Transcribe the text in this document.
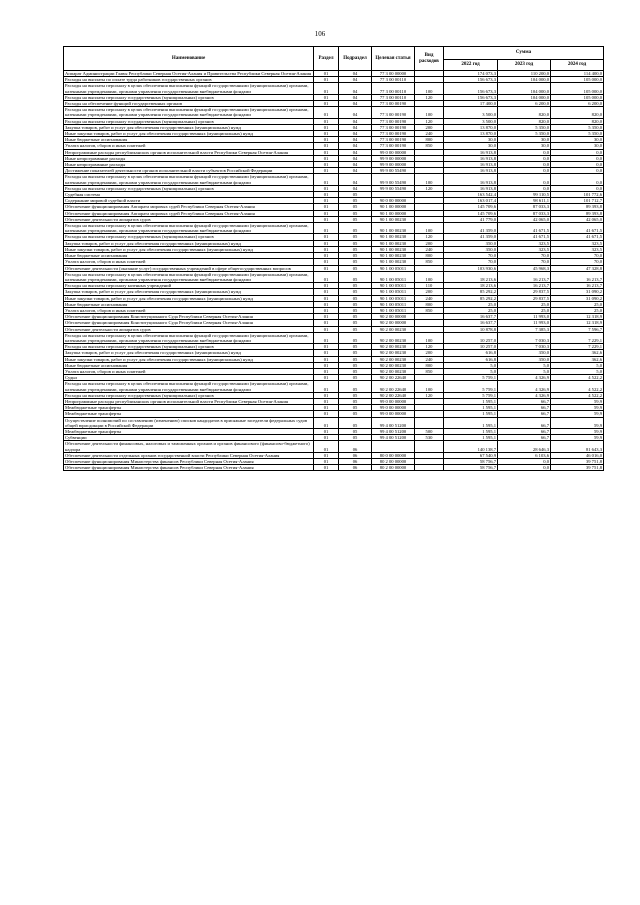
106
Наименование	Раздел	Подраздел	Целевая статья	Вид расходов	Сумма		
					2022 год	2023 год	2024 год
Аппарат Администрации Главы Республики Северная Осетия-Алания и Правительства Республики Северная Осетия-Алания	01	04	77 3 00 00000		174 073,3	110 200,0	114 400,0
Расходы на выплаты по оплате труда работников государственных органов	01	04	77 3 00 00110		156 673,3	104 000,0	105 000,0
Расходы на выплаты персоналу в целях обеспечения выполнения функций государственными (муниципальными) органами, казенными учреждениями, органами управления государственными внебюджетными фондами	01	04	77 3 00 00110	100	156 673,3	104 000,0	105 000,0
Расходы на выплаты персоналу государственных (муниципальных) органов	01	04	77 3 00 00110	120	156 673,3	104 000,0	105 000,0
Расходы на обеспечение функций государственных органов	01	04	77 3 00 00190		17 400,0	6 200,0	6 200,0
Расходы на выплаты персоналу в целях обеспечения выполнения функций государственными (муниципальными) органами, казенными учреждениями, органами управления государственными внебюджетными фондами	01	04	77 3 00 00190	100	3 500,0	820,0	820,0
Расходы на выплаты персоналу государственных (муниципальных) органов	01	04	77 3 00 00190	120	3 500,0	820,0	820,0
Закупка товаров, работ и услуг для обеспечения государственных (муниципальных) нужд	01	04	77 3 00 00190	200	13 870,0	5 350,0	5 350,0
Иные закупки товаров, работ и услуг для обеспечения государственных (муниципальных) нужд	01	04	77 3 00 00190	240	13 870,0	5 350,0	5 350,0
Иные бюджетные ассигнования	01	04	77 3 00 00190	800	30,0	30,0	30,0
Уплата налогов, сборов и иных платежей	01	04	77 3 00 00190	850	30,0	30,0	30,0
Непрограммные расходы республиканских органов исполнительной власти Республики Северная Осетия-Алания	01	04	99 0 00 00000		16 913,8	0,0	0,0
Иные непрограммные расходы	01	04	99 9 00 00000		16 913,8	0,0	0,0
Иные непрограммные расходы	01	04	99 9 00 00000		16 913,8	0,0	0,0
Достижение показателей деятельности органов исполнительной власти субъектов Российской Федерации	01	04	99 9 00 55490		16 913,8	0,0	0,0
Расходы на выплаты персоналу в целях обеспечения выполнения функций государственными (муниципальными) органами, казенными учреждениями, органами управления государственными внебюджетными фондами	01	04	99 9 00 55490	100	16 913,8	0,0	0,0
Расходы на выплаты персоналу государственных (муниципальных) органов	01	04	99 9 00 55490	120	16 913,8	0,0	0,0
Судебная система	01	05			163 542,4	99 110,5	101 772,6
Содержание мировой судебной власти	01	05	90 0 00 00000		163 017,4	98 611,1	101 712,7
Обеспечение функционирования Аппарата мировых судей Республики Северная Осетия-Алания	01	05	90 1 00 00000		145 709,6	87 033,3	89 393,8
Обеспечение функционирования Аппарата мировых судей Республики Северная Осетия-Алания	01	05	90 1 00 00000		145 709,6	87 033,3	89 393,8
Обеспечение деятельности аппаратов судов	01	05	90 1 00 00230		41 779,0	42 065,0	42 065,0
Расходы на выплаты персоналу в целях обеспечения выполнения функций государственными (муниципальными) органами, казенными учреждениями, органами управления государственными внебюджетными фондами	01	05	90 1 00 00230	100	41 359,0	41 671,5	41 671,5
Расходы на выплаты персоналу государственных (муниципальных) органов	01	05	90 1 00 00230	120	41 359,0	41 671,5	41 671,5
Закупка товаров, работ и услуг для обеспечения государственных (муниципальных) нужд	01	05	90 1 00 00230	200	350,0	323,5	323,5
Иные закупки товаров, работ и услуг для обеспечения государственных (муниципальных) нужд	01	05	90 1 00 00230	240	350,0	323,5	323,5
Иные бюджетные ассигнования	01	05	90 1 00 00230	800	70,0	70,0	70,0
Уплата налогов, сборов и иных платежей	01	05	90 1 00 00230	850	70,0	70,0	70,0
Обеспечение деятельности (оказание услуг) государственных учреждений в сфере общегосударственных вопросов	01	05	90 1 00 05011		103 930,6	45 968,3	47 328,8
Расходы на выплаты персоналу в целях обеспечения выполнения функций государственными (муниципальными) органами, казенными учреждениями, органами управления государственными внебюджетными фондами	01	05	90 1 00 05011	100	18 213,6	16 213,7	16 213,7
Расходы на выплаты персоналу казенных учреждений	01	05	90 1 00 05011	110	18 213,6	16 213,7	16 213,7
Закупка товаров, работ и услуг для обеспечения государственных (муниципальных) нужд	01	05	90 1 00 05011	200	85 292,2	29 837,5	31 090,2
Иные закупки товаров, работ и услуг для обеспечения государственных (муниципальных) нужд	01	05	90 1 00 05011	240	85 292,2	29 837,5	31 090,2
Иные бюджетные ассигнования	01	05	90 1 00 05011	800	25,0	25,0	25,0
Уплата налогов, сборов и иных платежей	01	05	90 1 00 05011	850	25,0	25,0	25,0
Обеспечение функционирования Конституционного Суда Республики Северная Осетия-Алания	01	05	90 2 00 00000		16 637,7	11 993,0	12 318,9
Обеспечение функционирования Конституционного Суда Республики Северная Осетия-Алания	01	05	90 2 00 00000		16 637,7	11 993,0	12 318,9
Обеспечение деятельности аппаратов судов	01	05	90 2 00 00230		10 878,8	7 385,3	7 596,7
Расходы на выплаты персоналу в целях обеспечения выполнения функций государственными (муниципальными) органами, казенными учреждениями, органами управления государственными внебюджетными фондами	01	05	90 2 00 00230	100	10 257,0	7 030,3	7 229,1
Расходы на выплаты персоналу государственных (муниципальных) органов	01	05	90 2 00 00230	120	10 257,0	7 030,3	7 229,1
Закупка товаров, работ и услуг для обеспечения государственных (муниципальных) нужд	01	05	90 2 00 00230	200	616,8	350,0	362,6
Иные закупки товаров, работ и услуг для обеспечения государственных (муниципальных) нужд	01	05	90 2 00 00230	240	616,8	350,0	362,6
Иные бюджетные ассигнования	01	05	90 2 00 00230	800	5,0	5,0	5,0
Уплата налогов, сборов и иных платежей	01	05	90 2 00 00230	850	5,0	5,0	5,0
Судьи	01	05	90 2 00 22640		5 759,1	4 326,9	4 522,2
Расходы на выплаты персоналу в целях обеспечения выполнения функций государственными (муниципальными) органами, казенными учреждениями, органами управления государственными внебюджетными фондами	01	05	90 2 00 22640	100	5 759,1	4 326,9	4 522,2
Расходы на выплаты персоналу государственных (муниципальных) органов	01	05	90 2 00 22640	120	5 759,1	4 326,9	4 522,2
Непрограммные расходы республиканских органов исполнительной власти Республики Северная Осетия-Алания	01	05	99 0 00 00000		1 595,1	66,7	59,9
Межбюджетные трансферты	01	05	99 0 00 00000		1 595,1	66,7	59,9
Межбюджетные трансферты	01	05	99 0 00 00000		1 595,1	66,7	59,9
Осуществление полномочий по составлению (изменению) списков кандидатов в присяжные заседатели федеральных судов общей юрисдикции в Российской Федерации	01	05	99 4 00 51200		1 595,1	66,7	59,9
Межбюджетные трансферты	01	05	99 4 00 51200	500	1 595,1	66,7	59,9
Субвенции	01	05	99 4 00 51200	530	1 595,1	66,7	59,9
Обеспечение деятельности финансовых, налоговых и таможенных органов и органов финансового (финансово-бюджетного) надзора	01	06			140 138,7	28 646,3	81 643,3
Обеспечение деятельности отдельных органов государственной власти Республики Северная Осетия-Алания	01	06	80 0 00 00000		67 540,9	6 103,6	46 016,0
Обеспечение функционирования Министерства финансов Республики Северная Осетия-Алания	01	06	80 2 00 00000		58 756,7	0,0	39 751,8
Обеспечение функционирования Министерства финансов Республики Северная Осетия-Алания	01	06	80 2 00 00000		58 756,7	0,0	39 751,8
